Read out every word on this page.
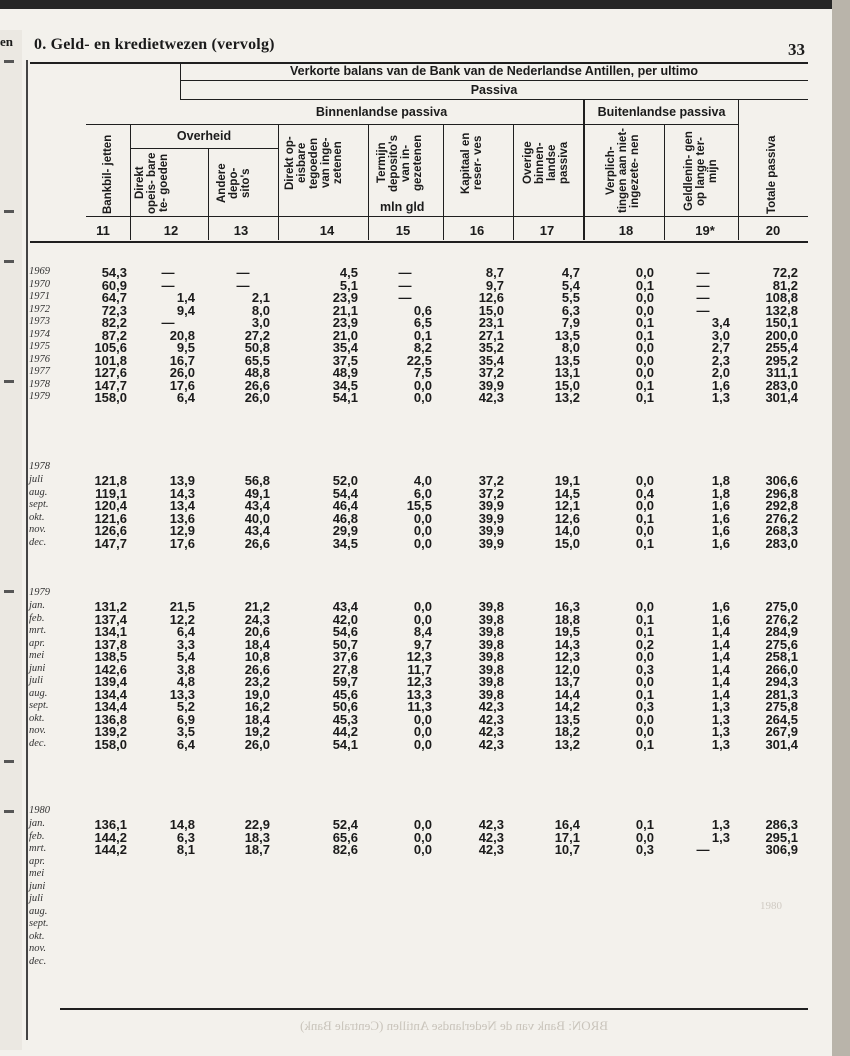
en 0. Geld- en kredietwezen (vervolg)	33
Verkorte balans van de Bank van de Nederlandse Antillen, per ultimo
Passiva
Binnenlandse passiva	Buitenlandse passiva
Overheid
mln gld
Bankbil- jetten	Direkt opeis- bare te- goeden	Andere depo- sito's	Direkt op- eisbare tegoeden van inge- zetenen	Termijn deposito's van in- gezetenen	Kapitaal en reser- ves	Overige binnen- landse passiva	Verplich- tingen aan niet- ingezete- nen	Geldlenin- gen op lange ter- mijn	Totale passiva
11	12	13	14	15	16	17	18	19*	20
1969	54,3	—	—	4,5	—	8,7	4,7	0,0	—	72,2
1970	60,9	—	—	5,1	—	9,7	5,4	0,1	—	81,2
1971	64,7	1,4	2,1	23,9	—	12,6	5,5	0,0	—	108,8
1972	72,3	9,4	8,0	21,1	0,6	15,0	6,3	0,0	—	132,8
1973	82,2	—	3,0	23,9	6,5	23,1	7,9	0,1	3,4	150,1
1974	87,2	20,8	27,2	21,0	0,1	27,1	13,5	0,1	3,0	200,0
1975	105,6	9,5	50,8	35,4	8,2	35,2	8,0	0,0	2,7	255,4
1976	101,8	16,7	65,5	37,5	22,5	35,4	13,5	0,0	2,3	295,2
1977	127,6	26,0	48,8	48,9	7,5	37,2	13,1	0,0	2,0	311,1
1978	147,7	17,6	26,6	34,5	0,0	39,9	15,0	0,1	1,6	283,0
1979	158,0	6,4	26,0	54,1	0,0	42,3	13,2	0,1	1,3	301,4
1978
juli	121,8	13,9	56,8	52,0	4,0	37,2	19,1	0,0	1,8	306,6
aug.	119,1	14,3	49,1	54,4	6,0	37,2	14,5	0,4	1,8	296,8
sept.	120,4	13,4	43,4	46,4	15,5	39,9	12,1	0,0	1,6	292,8
okt.	121,6	13,6	40,0	46,8	0,0	39,9	12,6	0,1	1,6	276,2
nov.	126,6	12,9	43,4	29,9	0,0	39,9	14,0	0,0	1,6	268,3
dec.	147,7	17,6	26,6	34,5	0,0	39,9	15,0	0,1	1,6	283,0
1979
jan.	131,2	21,5	21,2	43,4	0,0	39,8	16,3	0,0	1,6	275,0
feb.	137,4	12,2	24,3	42,0	0,0	39,8	18,8	0,1	1,6	276,2
mrt.	134,1	6,4	20,6	54,6	8,4	39,8	19,5	0,1	1,4	284,9
apr.	137,8	3,3	18,4	50,7	9,7	39,8	14,3	0,2	1,4	275,6
mei	138,5	5,4	10,8	37,6	12,3	39,8	12,3	0,0	1,4	258,1
juni	142,6	3,8	26,6	27,8	11,7	39,8	12,0	0,3	1,4	266,0
juli	139,4	4,8	23,2	59,7	12,3	39,8	13,7	0,0	1,4	294,3
aug.	134,4	13,3	19,0	45,6	13,3	39,8	14,4	0,1	1,4	281,3
sept.	134,4	5,2	16,2	50,6	11,3	42,3	14,2	0,3	1,3	275,8
okt.	136,8	6,9	18,4	45,3	0,0	42,3	13,5	0,0	1,3	264,5
nov.	139,2	3,5	19,2	44,2	0,0	42,3	18,2	0,0	1,3	267,9
dec.	158,0	6,4	26,0	54,1	0,0	42,3	13,2	0,1	1,3	301,4
1980
jan.	136,1	14,8	22,9	52,4	0,0	42,3	16,4	0,1	1,3	286,3
feb.	144,2	6,3	18,3	65,6	0,0	42,3	17,1	0,0	1,3	295,1
mrt.	144,2	8,1	18,7	82,6	0,0	42,3	10,7	0,3	—	306,9
apr.
mei
juni
juli
aug.
sept.
okt.
nov.
dec.
1980
BRON: Bank van de Nederlandse Antillen (Centrale Bank)
